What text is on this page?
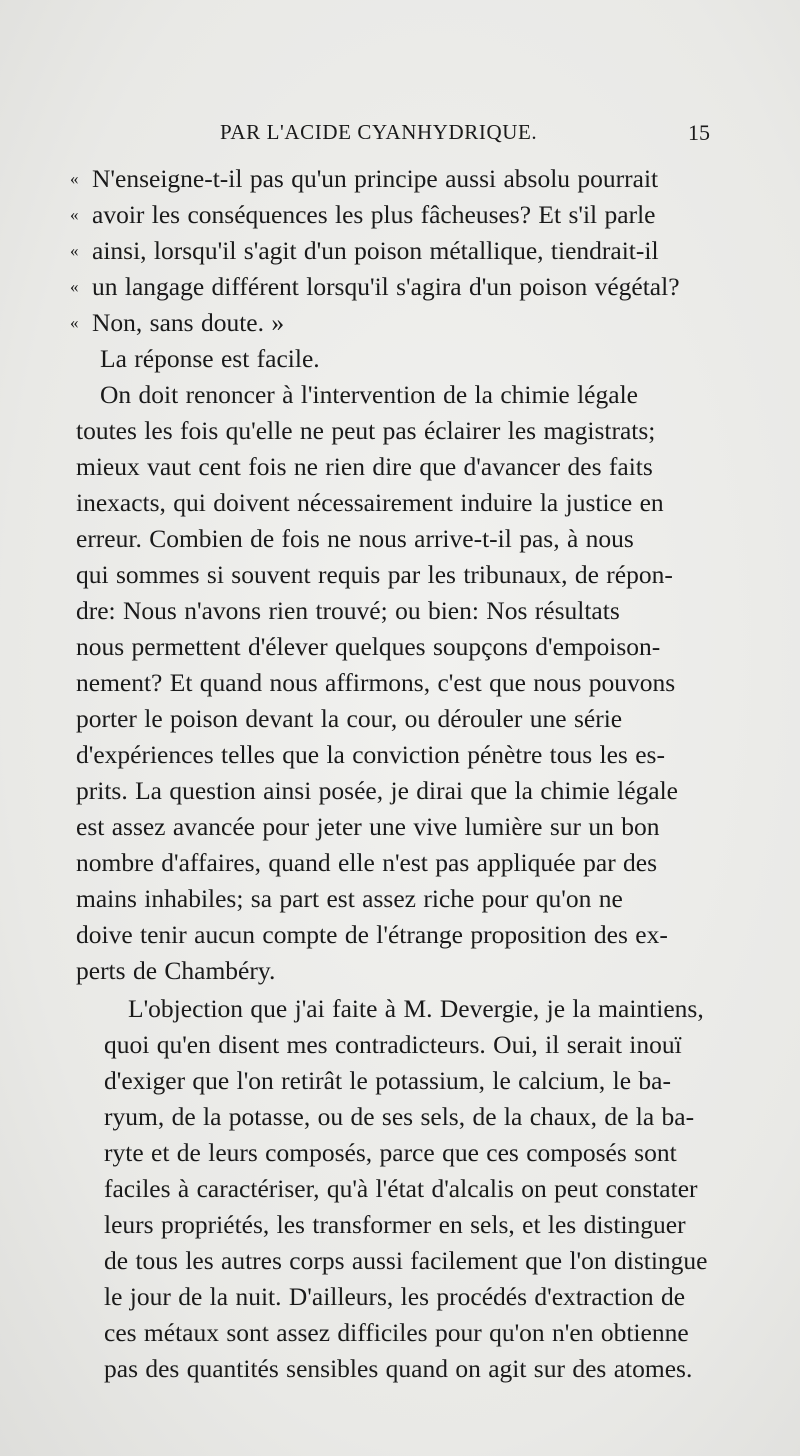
PAR L'ACIDE CYANHYDRIQUE.	15
«
«
«
«
«
N'enseigne-t-il pas qu'un principe aussi absolu pourrait
avoir les conséquences les plus fâcheuses? Et s'il parle
ainsi, lorsqu'il s'agit d'un poison métallique, tiendrait-il
un langage différent lorsqu'il s'agira d'un poison végétal?
Non, sans doute. »
La réponse est facile.
On doit renoncer à l'intervention de la chimie légale
toutes les fois qu'elle ne peut pas éclairer les magistrats;
mieux vaut cent fois ne rien dire que d'avancer des faits
inexacts, qui doivent nécessairement induire la justice en
erreur. Combien de fois ne nous arrive-t-il pas, à nous
qui sommes si souvent requis par les tribunaux, de répon-
dre: Nous n'avons rien trouvé; ou bien: Nos résultats
nous permettent d'élever quelques soupçons d'empoison-
nement? Et quand nous affirmons, c'est que nous pouvons
porter le poison devant la cour, ou dérouler une série
d'expériences telles que la conviction pénètre tous les es-
prits. La question ainsi posée, je dirai que la chimie légale
est assez avancée pour jeter une vive lumière sur un bon
nombre d'affaires, quand elle n'est pas appliquée par des
mains inhabiles; sa part est assez riche pour qu'on ne
doive tenir aucun compte de l'étrange proposition des ex-
perts de Chambéry.
L'objection que j'ai faite à M. Devergie, je la maintiens,
quoi qu'en disent mes contradicteurs. Oui, il serait inouï
d'exiger que l'on retirât le potassium, le calcium, le ba-
ryum, de la potasse, ou de ses sels, de la chaux, de la ba-
ryte et de leurs composés, parce que ces composés sont
faciles à caractériser, qu'à l'état d'alcalis on peut constater
leurs propriétés, les transformer en sels, et les distinguer
de tous les autres corps aussi facilement que l'on distingue
le jour de la nuit. D'ailleurs, les procédés d'extraction de
ces métaux sont assez difficiles pour qu'on n'en obtienne
pas des quantités sensibles quand on agit sur des atomes.
